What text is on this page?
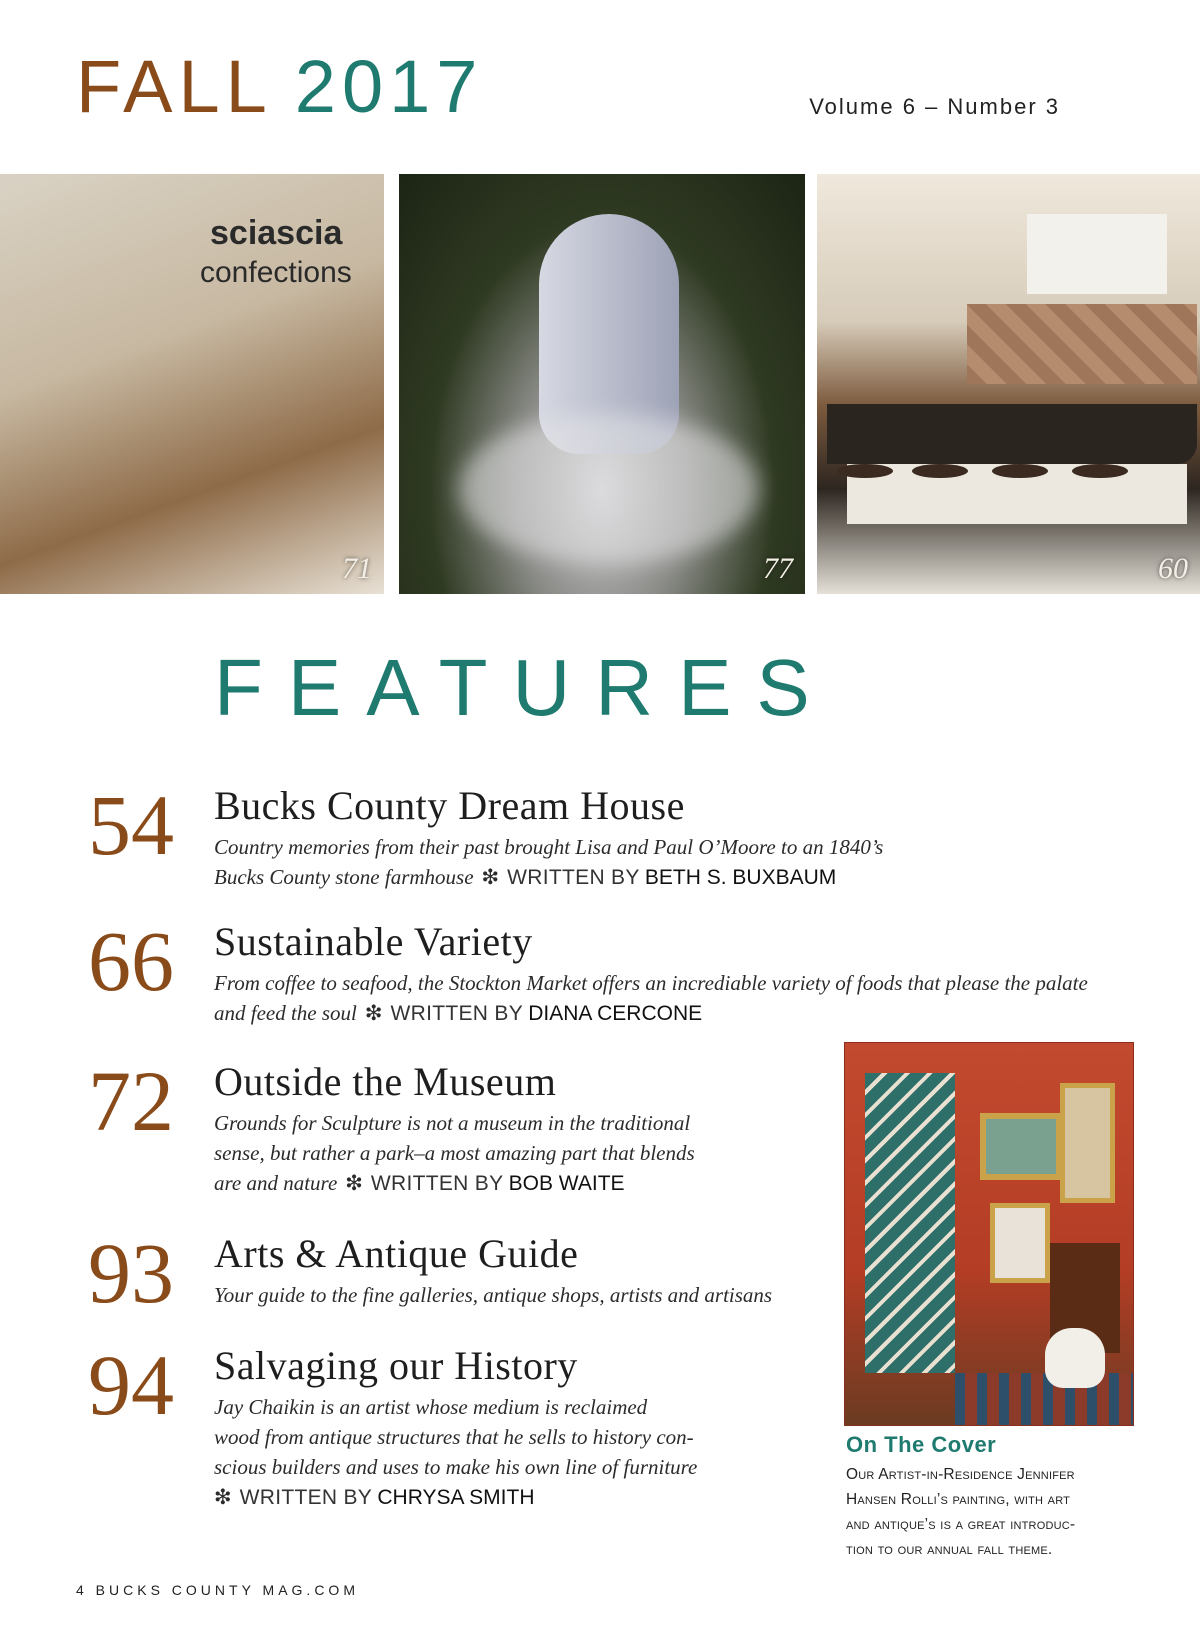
FALL 2017	Volume 6 – Number 3
sciascia
confections
71	77	60
FEATURES
54 Bucks County Dream House
Country memories from their past brought Lisa and Paul O’Moore to an 1840’s
Bucks County stone farmhouse ❇ WRITTEN BY BETH S. BUXBAUM
66 Sustainable Variety
From coffee to seafood, the Stockton Market offers an incrediable variety of foods that please the palate
and feed the soul ❇ WRITTEN BY DIANA CERCONE
72 Outside the Museum
Grounds for Sculpture is not a museum in the traditional
sense, but rather a park–a most amazing part that blends
are and nature ❇ WRITTEN BY BOB WAITE
93 Arts & Antique Guide
Your guide to the fine galleries, antique shops, artists and artisans
94 Salvaging our History
Jay Chaikin is an artist whose medium is reclaimed
wood from antique structures that he sells to history con-
scious builders and uses to make his own line of furniture
❇ WRITTEN BY CHRYSA SMITH
On The Cover
Our Artist-in-Residence Jennifer
Hansen Rolli’s painting, with art
and antique’s is a great introduc-
tion to our annual fall theme.
4 BUCKS COUNTY MAG.COM
